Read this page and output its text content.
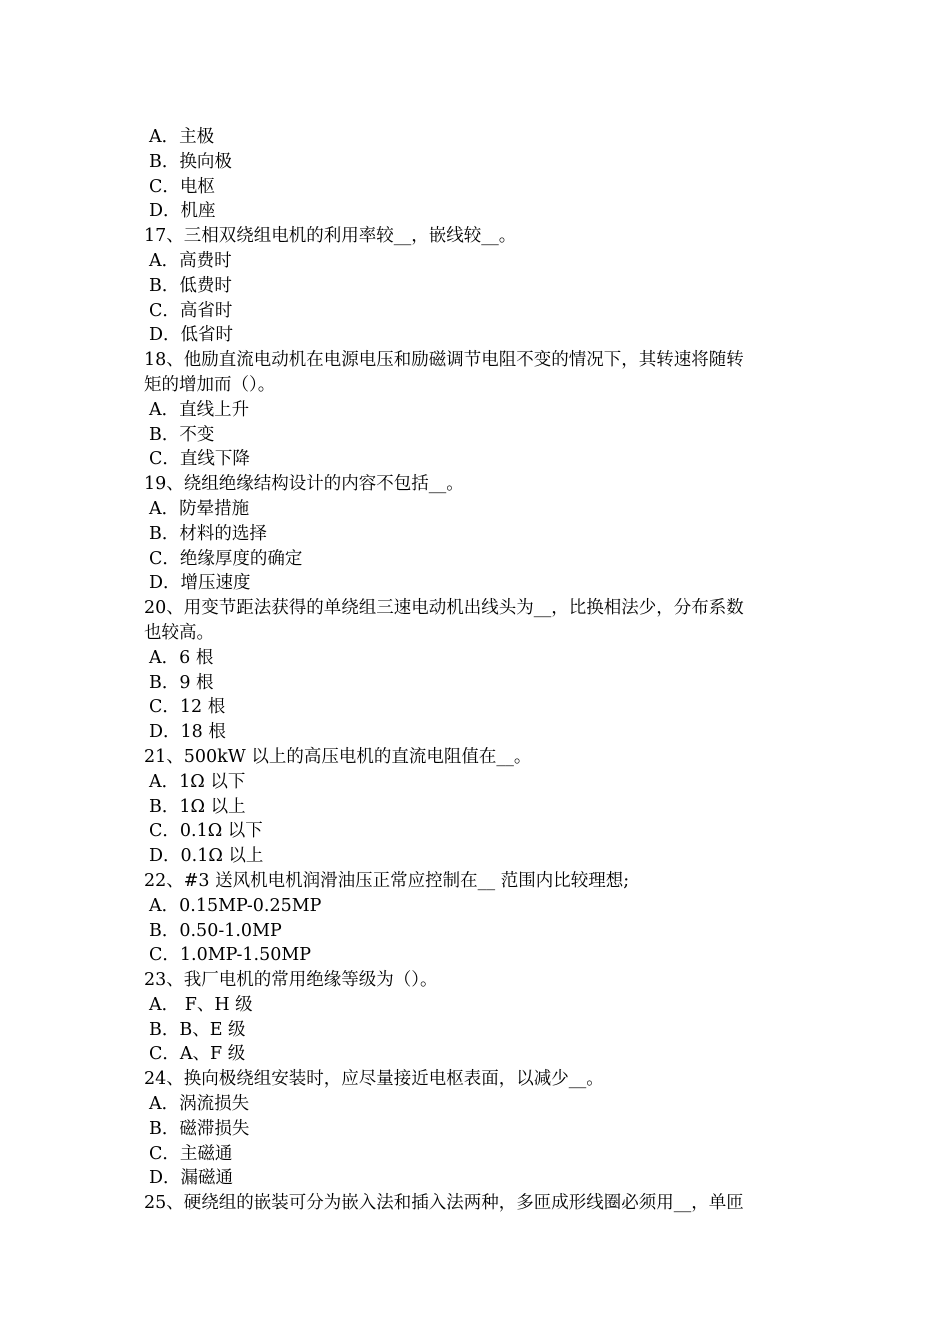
A．主极
B．换向极
C．电枢
D．机座
17、三相双绕组电机的利用率较__，嵌线较__。
A．高费时
B．低费时
C．高省时
D．低省时
18、他励直流电动机在电源电压和励磁调节电阻不变的情况下，其转速将随转
矩的增加而（）。
A．直线上升
B．不变
C．直线下降
19、绕组绝缘结构设计的内容不包括__。
A．防晕措施
B．材料的选择
C．绝缘厚度的确定
D．增压速度
20、用变节距法获得的单绕组三速电动机出线头为__，比换相法少，分布系数
也较高。
A．6 根
B．9 根
C．12 根
D．18 根
21、500kW 以上的高压电机的直流电阻值在__。
A．1Ω 以下
B．1Ω 以上
C．0.1Ω 以下
D．0.1Ω 以上
22、#3 送风机电机润滑油压正常应控制在__ 范围内比较理想;
A．0.15MP-0.25MP
B．0.50-1.0MP
C．1.0MP-1.50MP
23、我厂电机的常用绝缘等级为（）。
A． F、H 级
B．B、E 级
C．A、F 级
24、换向极绕组安装时，应尽量接近电枢表面，以减少__。
A．涡流损失
B．磁滞损失
C．主磁通
D．漏磁通
25、硬绕组的嵌装可分为嵌入法和插入法两种，多匝成形线圈必须用__，单匝
